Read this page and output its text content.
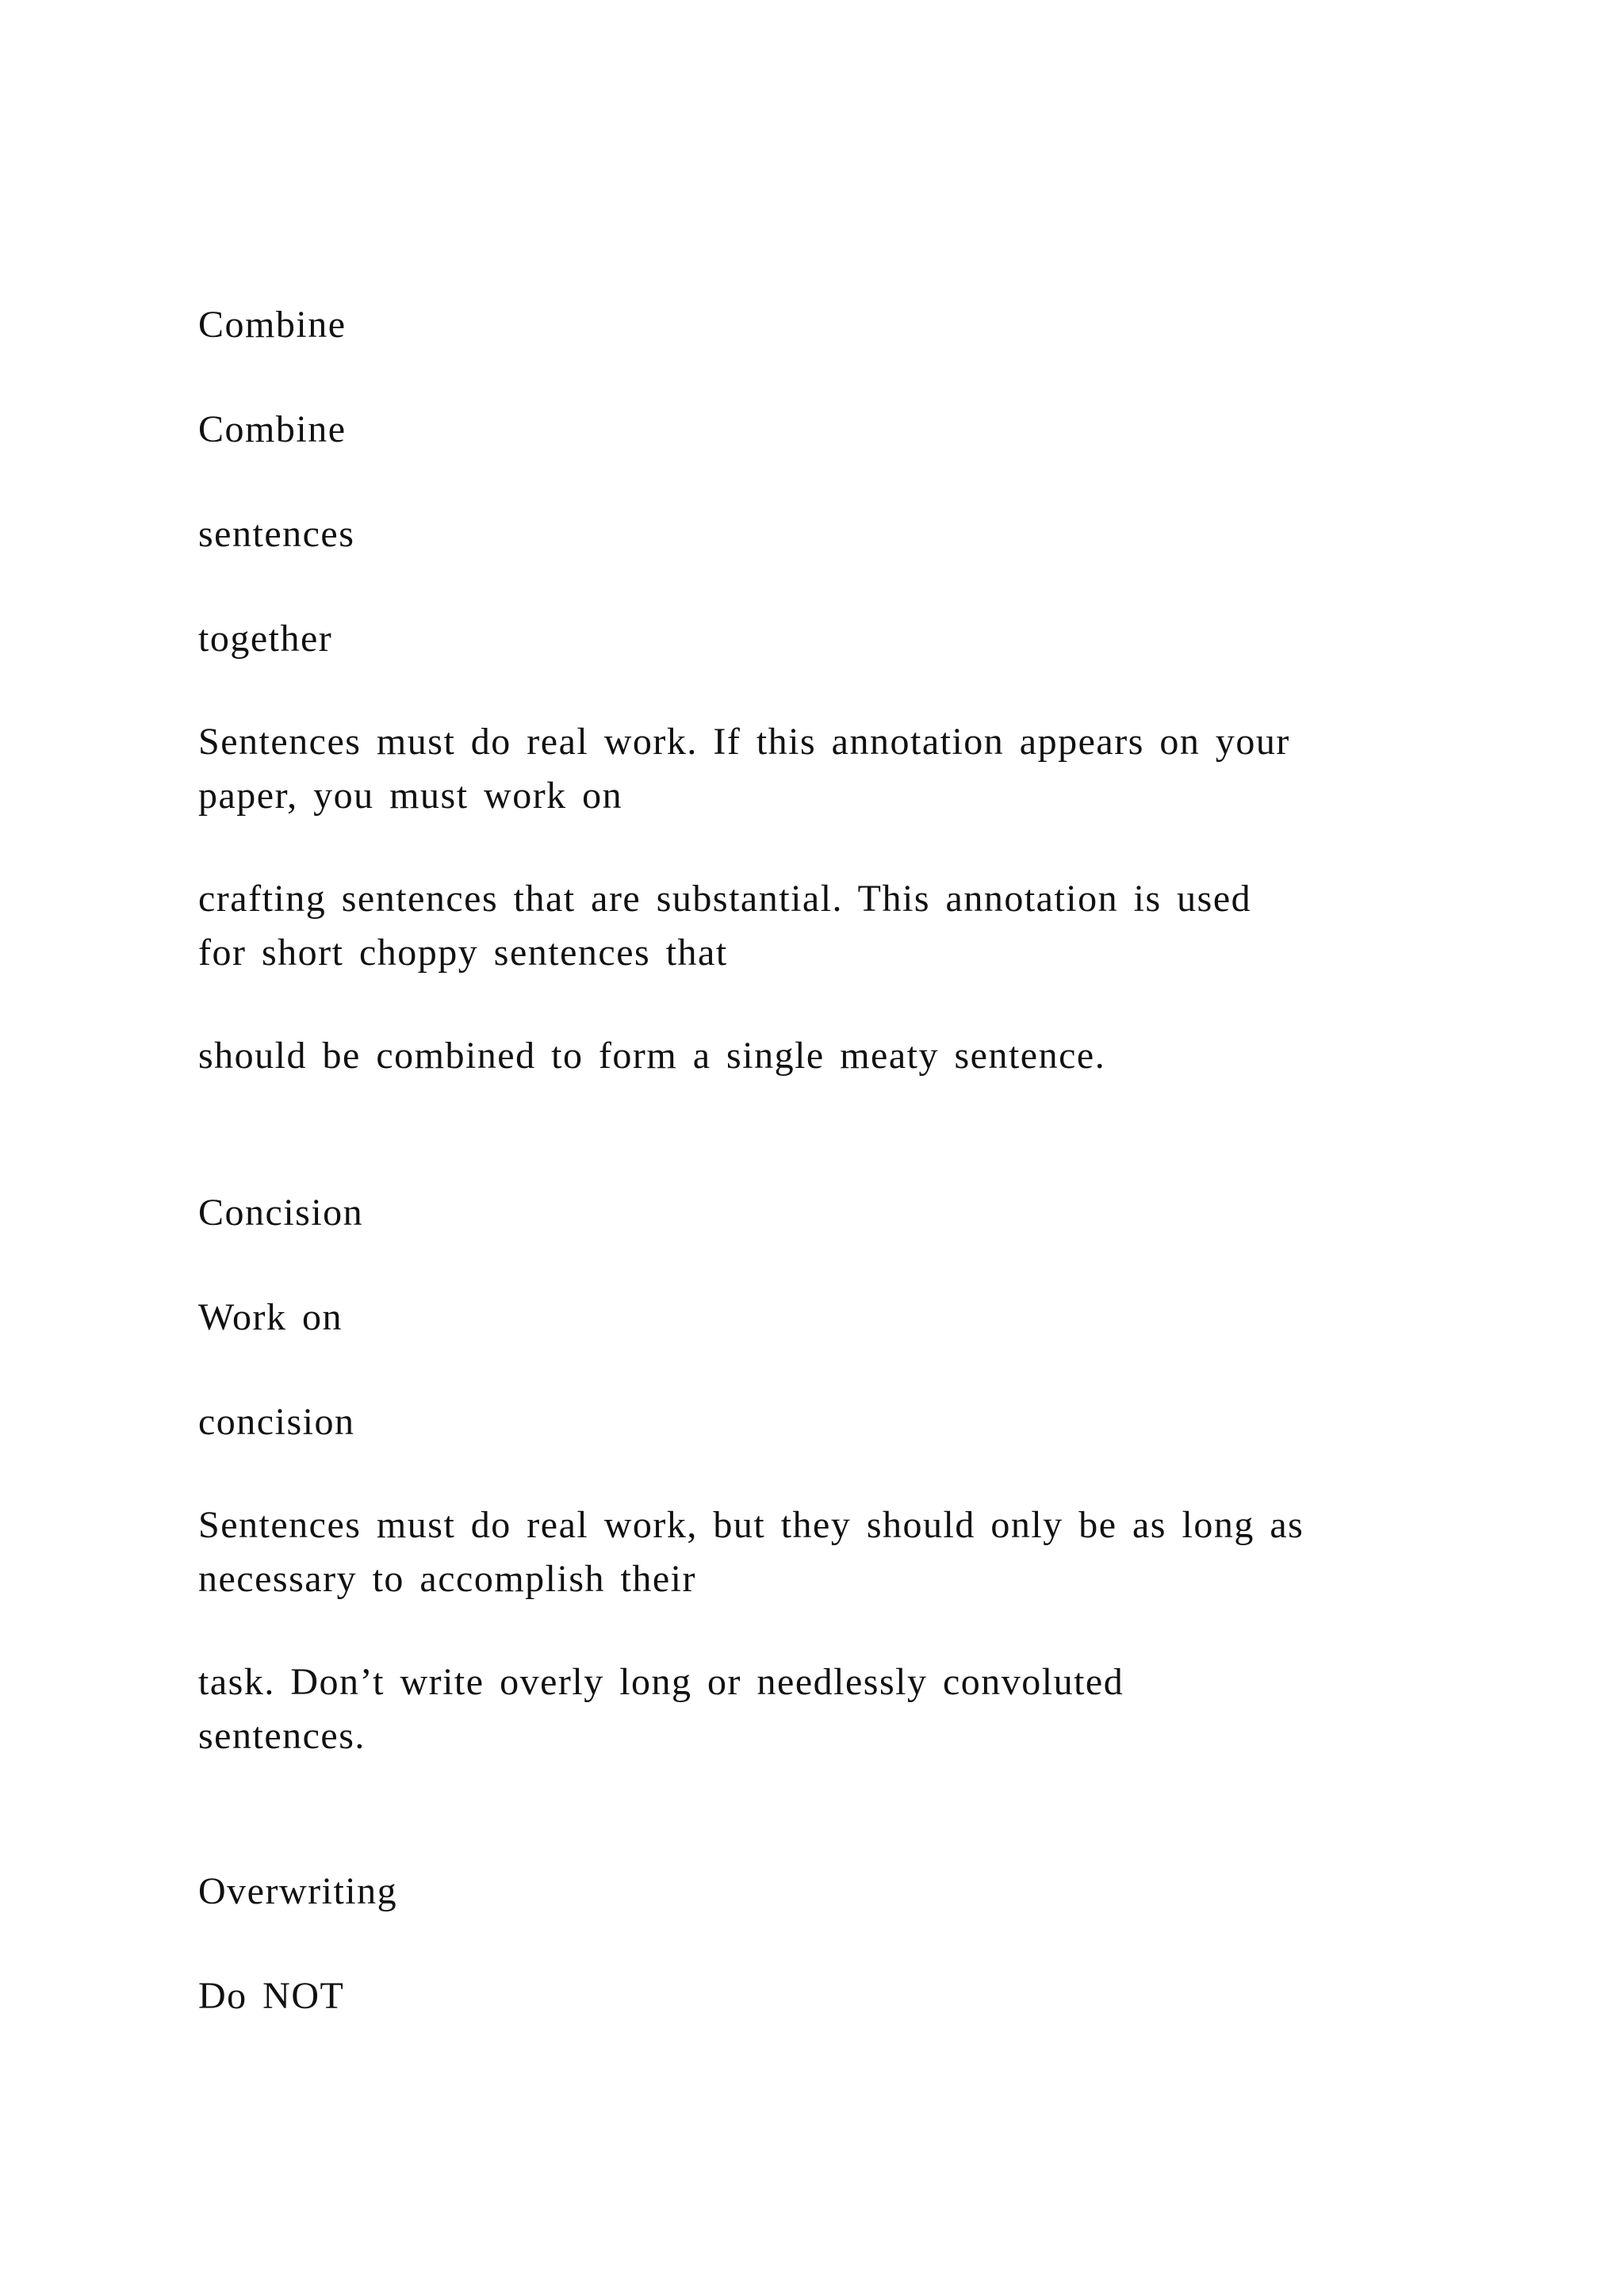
Combine

Combine

sentences

together

Sentences must do real work. If this annotation appears on your

paper, you must work on

crafting sentences that are substantial. This annotation is used

for short choppy sentences that

should be combined to form a single meaty sentence.

Concision

Work on

concision

Sentences must do real work, but they should only be as long as

necessary to accomplish their

task. Don’t write overly long or needlessly convoluted

sentences.

Overwriting

Do NOT
